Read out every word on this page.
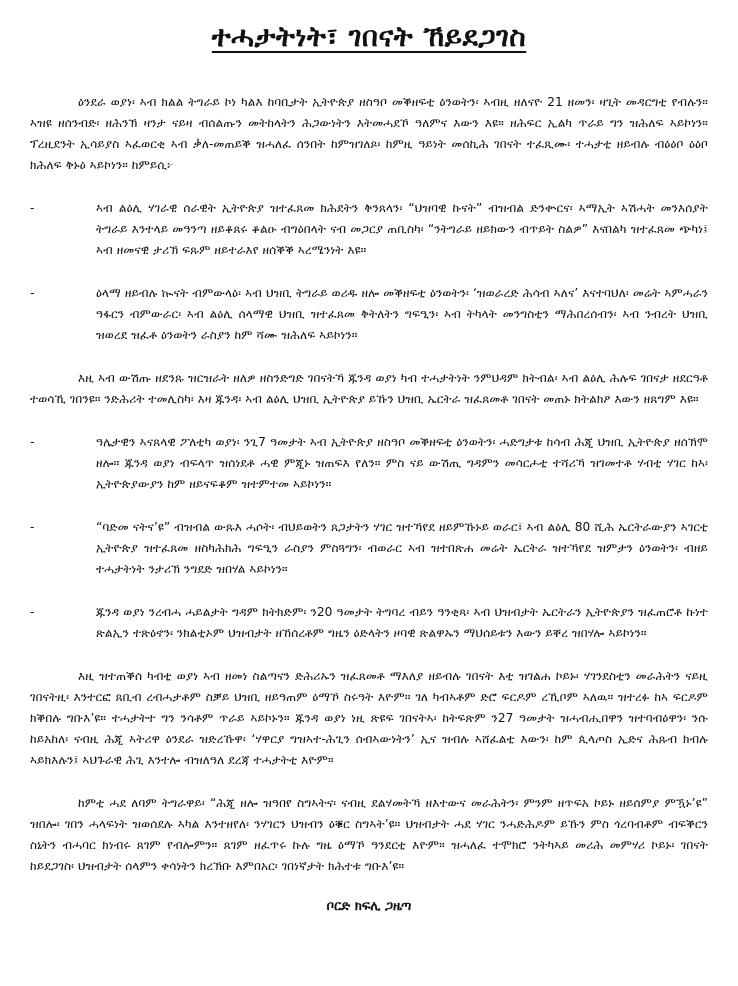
ተሓታትነት፣ ገበናት ኸይደጋገስ

ዕንደራ ወያነ፡ ኣብ ክልል ትግራይ ኮነ ካልእ ከባቢታት ኢትዮጵያ ዘስዓቦ መቕዘፍቲ ዕንወትን፡ ኣብዚ ዘለናዮ 21 ዘመን፡ ዛጊት መዳርግቲ የብሉን። ኣዝዩ ዘሰንብድ፡ ዘሕንኽ ዛንታ ናይዛ ብሰልጡን መትከላትን ሕጋውነትን እትመሓደኾ ዓለምና እውን እዩ። ዘሕፍር ኢልካ ጥራይ ግን ዝሕለፍ ኣይኮነን። ፕረዚደንት ኢሳይያስ ኣፈወርቂ ኣብ ቃለ-መጠይቕ ዝሓለፈ ሰንበት ከምዝገለጾ፡ ከምዚ ዓይነት መሰኪሕ ገበናት ተፈጺሙ፡ ተሓታቲ ዘይብሉ ብዕዕቦ ዕዕቦ ክሕለፍ ቅኑዕ ኣይኮነን። ከምይሲ፦

-	ኣብ ልዕሊ ሃገራዊ ሰራዊት ኢትዮጵያ ዝተፈጸመ ክሕደትን ቅንጸላን፡ “ህዝባዊ ኩናት” ብዝብል ድንቍርና፡ ኣማኢት ኣሽሓት መንእሰያት ትግራይ እንተላይ መዓንጣ ዘይቆጸሩ ቆልዑ ብግዕበላት ናብ መጋርያ ጠቢስካ፡ “ንትግራይ ዘይክውን ብጥይት ስልዎ” እናበልካ ዝተፈጸመ ጭካነ፤ ኣብ ዘመናዊ ታሪኽ ፍጹም ዘይተራእየ ዘሰቕቕ ኣረሜንነት እዩ።
-	ዕላማ ዘይብሉ ኲናት ብምውላዕ፡ ኣብ ህዝቢ ትግራይ ወሪዱ ዘሎ መቕዘፍቲ ዕንወትን፡ ‘ዝወራረድ ሕሳብ ኣለና’ እናተባህለ፡ መሬት ኣምሓራን ዓፋርን ብምውራር፡ ኣብ ልዕሊ ሰላማዊ ህዝቢ ዝተፈጸመ ቅትለትን ግፍዒን፡ ኣብ ትካላት መንግስቲን ማሕበረሰብን፡ ኣብ ንብረት ህዝቢ ዝወረደ ዝፈቶ ዕንወትን ራስያን ከም ሻሙ ዝሕለፍ ኣይኮነን።

እዚ ኣብ ውሽጡ ዘደንጹ ዝርዝራት ዘለዎ ዘስንድግድ ገበናትኻ ጁንዳ ወያነ ካብ ተሓታትነት ንምህዳም ክትብል፡ ኣብ ልዕሊ ሕሉፍ ገበናታ ዘደርዓቶ ተወሳኺ ገበንዩ። ንድሕሪት ተመሊስካ፡ እዛ ጁንዳ፡ ኣብ ልዕሊ ህዝቢ ኢትዮጵያ ይኹን ህዝቢ ኤርትራ ዝፈጸመቶ ገበናት መጠኑ ክትልክዖ እውን ዘጸግም እዩ።

-	ዓሌታዊን ኣናጸላዊ ፖለቲካ ወያነ፡ ንጊ7 ዓመታት ኣብ ኢትዮጵያ ዘስዓቦ መቕዘፍቲ ዕንወትን፡ ሓድግታቱ ከሳብ ሕጂ ህዝቢ ኢትዮጵያ ዘሰኽሞ ዘሎ። ጁንዳ ወያነ ብፍላጥ ዝሰነደቶ ሓዊ ምጂኑ ዝጠፍእ የለን። ምስ ናይ ውሽጢ ግዳምን መሳርሖቲ ተሻሪኻ ዝገመተቶ ሃብቲ ሃገር ከኣ፡ ኢትዮጵያውያን ከም ዘይናፍቆም ዝተምተመ ኣይኮነን።
-	“ባድመ ናትና’ዩ” ብዝብል ውጹእ ሓሶት፡ ብህይወትን ጸጋታትን ሃገር ዝተኻየደ ዘይምኹኑይ ወራር፤ ኣብ ልዕሊ 80 ሺሕ ኤርትራውያን ኣገርቲ ኢትዮጵያ ዝተፈጸመ ዘስካሕክሕ ግፍዒን ራስያን ምስጓግን፡ ብወራር ኣብ ዝተበጽሐ መሬት ኤርትራ ዝተኻየደ ዝምታን ዕንወትን፡ ብዘይ ተሓታትነት ንታሪኽ ንግደድ ዝበሃል ኣይኮነን።
-	ጁንዳ ወያነ ንረብሓ ሓይልታት ግዳም ክትክድም፡ ን20 ዓመታት ትግባረ ብይን ዓንቂጻ፡ ኣብ ህዝብታት ኤርትራን ኢትዮጵያን ዝፈጠሮቶ ኩነተ ጽልኢን ተጽዕኖን፡ ንክልቲኦም ህዝብታት ዘኸሰረቶም ግዜን ዕድላትን ዞባዊ ጽልዋኡን ማህሰይቱን እውን ይቐረ ዝበሃሎ ኣይኮነን።

እዚ ዝተጠቕሰ ካብቲ ወያነ ኣብ ዘመነ ስልጣናን ድሕሪኡን ዝፈጸመቶ ማእለያ ዘይብሉ ገበናት እቲ ዝገልሐ ኮይኑ፡ ሃገንደስቲን መራሕትን ናይዚ ገበናትዚ፡ እንተርፎ ጸቢብ ረብሓታቶም ስቓይ ህዝቢ ዘይዓጠም ዕማኾ ስሩዓት እዮም። ገለ ካብኣቶም ድሮ ፍርዶም ረኺቦም ኣለዉ። ዝተረፉ ከኣ ፍርዶም ክቕበሉ ግቡእ’ዩ። ተሓታትተ ግን ንሳቶም ጥራይ ኣይኮኑን። ጁንዳ ወያነ ነዚ ጽዩፍ ገበናትኣ፡ ከትፍጽም ን27 ዓመታት ዝሓብሒበዋን ዝተባብዕዋን፡ ንሱ ከይአከለ፡ ናብዚ ሕጂ ኣትሪዋ ዕንደራ ዝድረኹዋ፡ ‘ሃዋርያ ግዝኣተ-ሕጊን ሰብኣውነትን’ ኢና ዝብሉ ኣሸፈልቲ እውን፡ ከም ጲላጦስ ኢድና ሕጹብ ክብሉ ኣይክእሉን፤ ኣህጉራዊ ሕጊ እንተሎ ብዝለዓለ ደረጃ ተሓታትቲ እዮም።

ከምቲ ሓደ ለባም ትግራዋይ፡ “ሕጂ ዘሎ ዝዓበየ ስግኣትና፡ ናብዚ ደልሃመትኻ ዘእተውና መራሕትን፡ ምንም ዘጥፍአ ኮይኑ ዘይሰምያ ምዃኑ’ዩ” ዝበሎ፡ ገበን ሓላፍነት ዝወሰደሉ ኣካል እንተዘየለ፡ ንሃገርን ህዝብን ዕቑር ስግኣት’ዩ። ህዝብታት ሓደ ሃገር ንሓድሕዶም ይኹን ምስ ጎረባብቶም ብፍቕርን ስኒትን ብሓባር ክነብሩ ጸገም የብሎምን። ጸገም ዘፈጥሩ ኩሉ ግዜ ዕማኾ ዓንደርቲ እዮም። ዝሓለፈ ተሞክሮ ንትካኣይ መሪሕ መምሃሪ ኮይኑ፡ ገበናት ከይደጋገስ፡ ህዝብታት ሰላምን ቀሳነትን ክረኽቡ እምበአር፡ ገበነኛታት ክሕተቱ ግቡእ’ዩ።

ቦርድ ክፍሊ ጋዜጣ
